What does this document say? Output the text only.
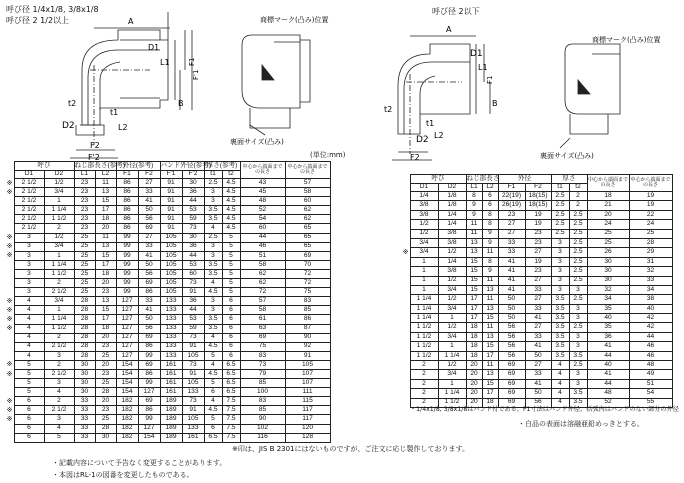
呼び径 1/4x1/8, 3/8x1/8
呼び径 2 1/2以上	A
D1
L1	F1
F'1
B
t2
D2
t1
L2
F2
F'2
商標マーク(凸み)位置
裏面サイズ(凸み)
(単位:mm)
	呼び		ねじ部長さ(参考)		外径(参考)		バンド外径(参考)		厚さ(参考)		中心から端面まで の長さ	中心から端面まで の長さ
	D1	D2	L1	L2	F1	F2	F'1	F'2	t1	t2		
※	2 1/2	1/2	23	11	86	27	91	30	2.5	4.5	43	57
※	2 1/2	3/4	23	13	86	33	91	36	3	4.5	45	58
	2 1/2	1	23	15	86	41	91	44	3	4.5	48	60
	2 1/2	1 1/4	23	17	86	50	91	53	3.5	4.5	52	62
	2 1/2	1 1/2	23	18	86	56	91	59	3.5	4.5	54	62
	2 1/2	2	23	20	86	69	91	73	4	4.5	60	65
※	3	1/2	25	11	99	27	105	30	2.5	5	44	65
※	3	3/4	25	13	99	33	105	36	3	5	46	65
※	3	1	25	15	99	41	105	44	3	5	51	69
	3	1 1/4	25	17	99	50	105	53	3.5	5	58	70
	3	1 1/2	25	18	99	56	105	60	3.5	5	62	72
	3	2	25	20	99	69	105	73	4	5	62	72
	3	2 1/2	25	23	99	86	105	91	4.5	5	72	75
※	4	3/4	28	13	127	33	133	36	3	6	57	83
※	4	1	28	15	127	41	133	44	3	6	58	85
※	4	1 1/4	28	17	127	50	133	53	3.5	6	61	86
※	4	1 1/2	28	18	127	56	133	59	3.5	6	63	87
	4	2	28	20	127	69	133	73	4	6	69	90
	4	2 1/2	28	23	127	86	133	91	4.5	6	75	92
	4	3	28	25	127	99	133	105	5	6	83	91
※	5	2	30	20	154	69	161	73	4	6.5	73	105
※	5	2 1/2	30	23	154	86	161	91	4.5	6.5	79	107
	5	3	30	25	154	99	161	105	5	6.5	85	107
	5	4	30	28	154	127	161	133	6	6.5	100	111
※	6	2	33	20	182	69	189	73	4	7.5	83	115
※	6	2 1/2	33	23	182	86	189	91	4.5	7.5	85	117
※	6	3	33	25	182	99	189	105	5	7.5	90	117
	6	4	33	28	182	127	189	133	6	7.5	102	120
	6	5	33	30	182	154	189	161	6.5	7.5	116	128
※印は、JIS B 2301にはないものですが、ご注文に応じ製作しております。
・記載内容について予告なく変更することがあります。
・本図はRL-1の図番を変更したものである。
呼び径 2以下
A
D1
L1
F1
B
t2
t1
D2 L2
F2
商標マーク(凸み)位置
裏面サイズ(凸み)
	呼び		ねじ部長さ		外径		厚さ		中心から端面まで の長さ	中心から端面まで の長さ
	D1	D2	L1	L2	F1	F2	t1	t2		
	1/4	1/8	8	6	22(19)	18(15)	2.5	2	18	19
	3/8	1/8	9	6	26(19)	18(15)	2.5	2	21	19
	3/8	1/4	9	8	23	19	2.5	2.5	20	22
	1/2	1/4	11	8	27	19	2.5	2.5	24	24
	1/2	3/8	11	9	27	23	2.5	2.5	25	25
	3/4	3/8	13	9	33	23	3	2.5	25	28
※	3/4	1/2	13	11	33	27	3	2.5	26	29
	1	1/4	15	8	41	19	3	2.5	30	31
	1	3/8	15	9	41	23	3	2.5	30	32
	1	1/2	15	11	41	27	3	2.5	30	33
	1	3/4	15	13	41	33	3	3	32	34
	1 1/4	1/2	17	11	50	27	3.5	2.5	34	38
	1 1/4	3/4	17	13	50	33	3.5	3	35	40
	1 1/4	1	17	15	50	41	3.5	3	40	42
	1 1/2	1/2	18	11	56	27	3.5	2.5	35	42
	1 1/2	3/4	18	13	56	33	3.5	3	36	44
	1 1/2	1	18	15	56	41	3.5	3	41	46
	1 1/2	1 1/4	18	17	56	50	3.5	3.5	44	46
	2	1/2	20	11	69	27	4	2.5	40	48
	2	3/4	20	13	69	33	4	3	41	49
	2	1	20	15	69	41	4	3	44	51
	2	1 1/4	20	17	69	50	4	3.5	48	54
	2	1 1/2	20	18	69	56	4	3.5	52	55
・1/4x1/8, 3/8x1/8はバンド付である。F1寸法はバンド外径、括弧内はバンドのない部分の外径
・白品の表面は溶融亜鉛めっきとする。
